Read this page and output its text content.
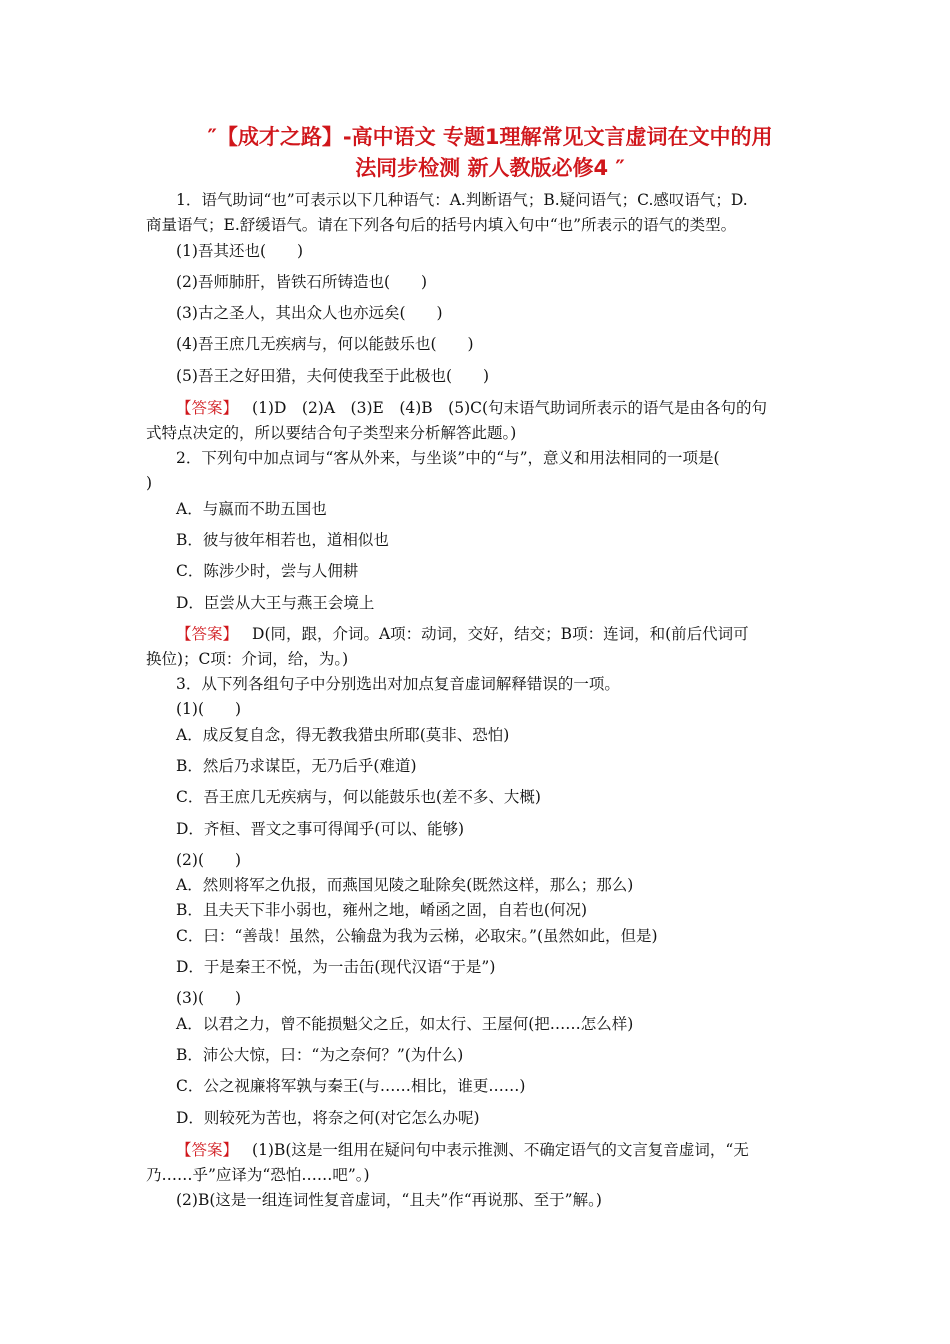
″【成才之路】-高中语文 专题1理解常见文言虚词在文中的用
法同步检测 新人教版必修4 ″
1．语气助词“也”可表示以下几种语气：A.判断语气；B.疑问语气；C.感叹语气；D.
商量语气；E.舒缓语气。请在下列各句后的括号内填入句中“也”所表示的语气的类型。
(1)吾其还也(　　)
(2)吾师肺肝，皆铁石所铸造也(　　)
(3)古之圣人，其出众人也亦远矣(　　)
(4)吾王庶几无疾病与，何以能鼓乐也(　　)
(5)吾王之好田猎，夫何使我至于此极也(　　)
【答案】 (1)D　(2)A　(3)E　(4)B　(5)C(句末语气助词所表示的语气是由各句的句
式特点决定的，所以要结合句子类型来分析解答此题。)
2．下列句中加点词与“客从外来，与坐谈”中的“与”，意义和用法相同的一项是(
)
A．与嬴而不助五国也
B．彼与彼年相若也，道相似也
C．陈涉少时，尝与人佣耕
D．臣尝从大王与燕王会境上
【答案】 D(同，跟，介词。A项：动词，交好，结交；B项：连词，和(前后代词可
换位)；C项：介词，给，为。)
3．从下列各组句子中分别选出对加点复音虚词解释错误的一项。
(1)(　　)
A．成反复自念，得无教我猎虫所耶(莫非、恐怕)
B．然后乃求谋臣，无乃后乎(难道)
C．吾王庶几无疾病与，何以能鼓乐也(差不多、大概)
D．齐桓、晋文之事可得闻乎(可以、能够)
(2)(　　)
A．然则将军之仇报，而燕国见陵之耻除矣(既然这样，那么；那么)
B．且夫天下非小弱也，雍州之地，崤函之固，自若也(何况)
C．曰：“善哉！虽然，公输盘为我为云梯，必取宋。”(虽然如此，但是)
D．于是秦王不悦，为一击缶(现代汉语“于是”)
(3)(　　)
A．以君之力，曾不能损魁父之丘，如太行、王屋何(把……怎么样)
B．沛公大惊，曰：“为之奈何？”(为什么)
C．公之视廉将军孰与秦王(与……相比，谁更……)
D．则较死为苦也，将奈之何(对它怎么办呢)
【答案】 (1)B(这是一组用在疑问句中表示推测、不确定语气的文言复音虚词，“无
乃……乎”应译为“恐怕……吧”。)
(2)B(这是一组连词性复音虚词，“且夫”作“再说那、至于”解。)
